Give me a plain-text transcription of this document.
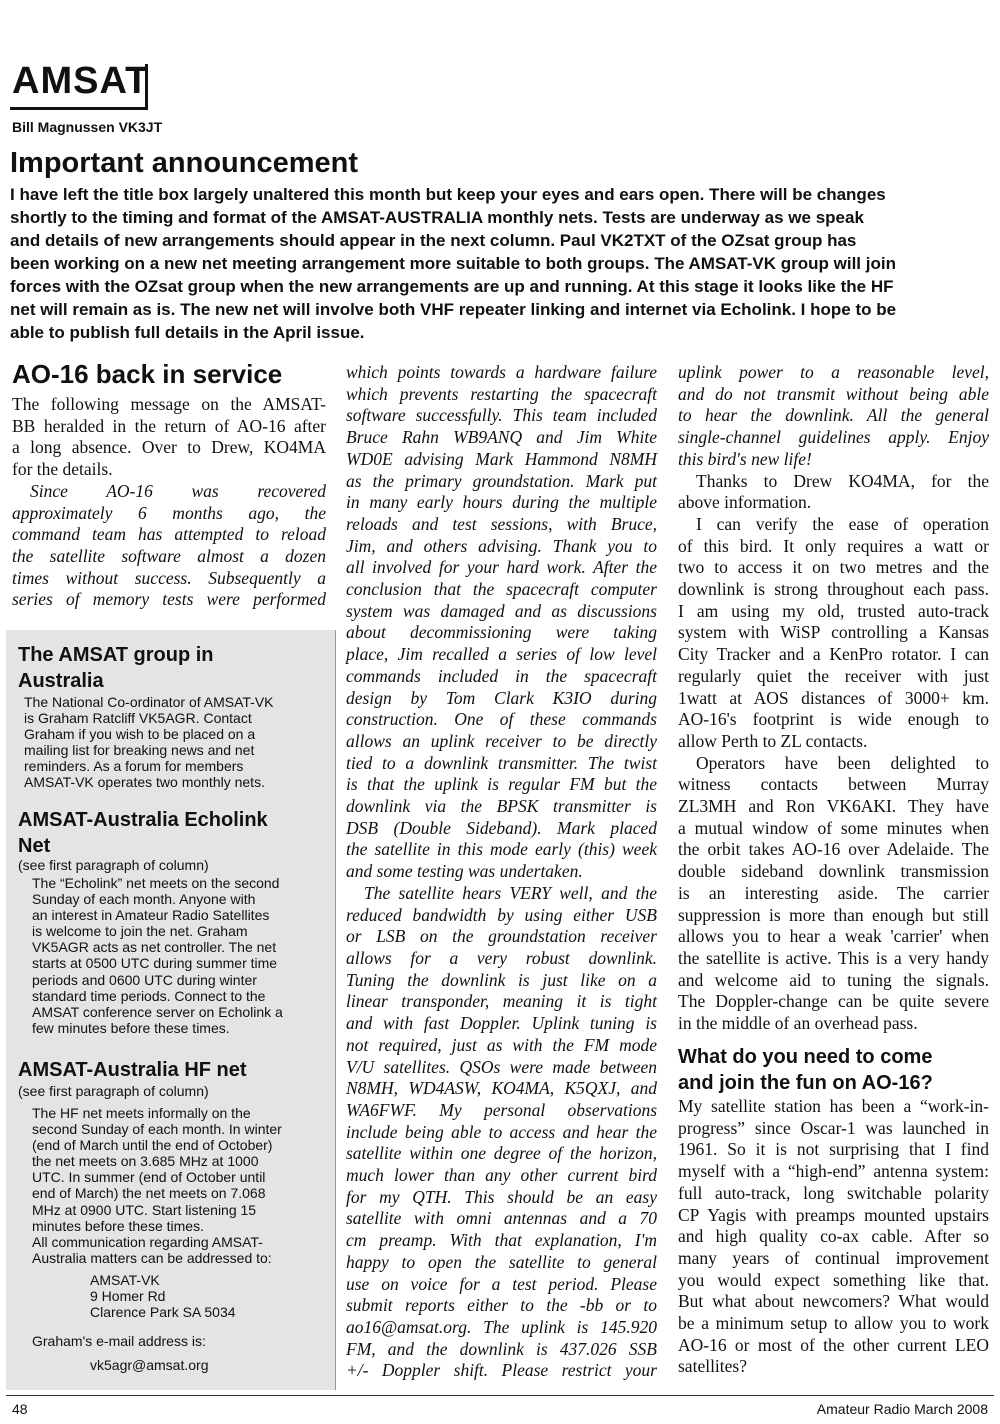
AMSAT
Bill Magnussen VK3JT
Important announcement

I have left the title box largely unaltered this month but keep your eyes and ears open. There will be changes
shortly to the timing and format of the AMSAT-AUSTRALIA monthly nets. Tests are underway as we speak
and details of new arrangements should appear in the next column. Paul VK2TXT of the OZsat group has
been working on a new net meeting arrangement more suitable to both groups. The AMSAT-VK group will join
forces with the OZsat group when the new arrangements are up and running. At this stage it looks like the HF
net will remain as is. The new net will involve both VHF repeater linking and internet via Echolink. I hope to be
able to publish full details in the April issue.

AO-16 back in service

The following message on the AMSAT-
BB heralded in the return of AO-16 after
a long absence. Over to Drew, KO4MA
for the details.

Since AO-16 was recovered

approximately 6 months ago, the
command team has attempted to reload
the satellite software almost a dozen
times without success. Subsequently a
series of memory tests were performed

The AMSAT group in
Australia

The National Co-ordinator of AMSAT-VK
is Graham Ratcliff VK5AGR. Contact
Graham if you wish to be placed on a
mailing list for breaking news and net
reminders. As a forum for members
AMSAT-VK operates two monthly nets.

AMSAT-Australia Echolink
Net

(see first paragraph of column)

The “Echolink” net meets on the second
Sunday of each month. Anyone with
an interest in Amateur Radio Satellites
is welcome to join the net. Graham
VK5AGR acts as net controller. The net
starts at 0500 UTC during summer time
periods and 0600 UTC during winter
standard time periods. Connect to the
AMSAT conference server on Echolink a
few minutes before these times.

AMSAT-Australia HF net

(see first paragraph of column)

The HF net meets informally on the
second Sunday of each month. In winter
(end of March until the end of October)
the net meets on 3.685 MHz at 1000
UTC. In summer (end of October until
end of March) the net meets on 7.068
MHz at 0900 UTC. Start listening 15
minutes before these times.
All communication regarding AMSAT-
Australia matters can be addressed to:

AMSAT-VK
9 Homer Rd
Clarence Park SA 5034

Graham's e-mail address is:

vk5agr@amsat.org

which points towards a hardware failure
which prevents restarting the spacecraft
software successfully. This team included
Bruce Rahn WB9ANQ and Jim White
WD0E advising Mark Hammond N8MH
as the primary groundstation. Mark put
in many early hours during the multiple
reloads and test sessions, with Bruce,
Jim, and others advising. Thank you to
all involved for your hard work. After the
conclusion that the spacecraft computer
system was damaged and as discussions
about decommissioning were taking
place, Jim recalled a series of low level
commands included in the spacecraft
design by Tom Clark K3IO during
construction. One of these commands
allows an uplink receiver to be directly
tied to a downlink transmitter. The twist
is that the uplink is regular FM but the
downlink via the BPSK transmitter is
DSB (Double Sideband). Mark placed
the satellite in this mode early (this) week
and some testing was undertaken.

The satellite hears VERY well, and the
reduced bandwidth by using either USB
or LSB on the groundstation receiver
allows for a very robust downlink.
Tuning the downlink is just like on a
linear transponder, meaning it is tight
and with fast Doppler. Uplink tuning is
not required, just as with the FM mode
V/U satellites. QSOs were made between
N8MH, WD4ASW, KO4MA, K5QXJ, and
WA6FWF. My personal observations
include being able to access and hear the
satellite within one degree of the horizon,
much lower than any other current bird
for my QTH. This should be an easy
satellite with omni antennas and a 70
cm preamp. With that explanation, I'm
happy to open the satellite to general
use on voice for a test period. Please
submit reports either to the -bb or to
ao16@amsat.org. The uplink is 145.920
FM, and the downlink is 437.026 SSB
+/- Doppler shift. Please restrict your

uplink power to a reasonable level,
and do not transmit without being able
to hear the downlink. All the general
single-channel guidelines apply. Enjoy
this bird's new life!

Thanks to Drew KO4MA, for the
above information.

I can verify the ease of operation
of this bird. It only requires a watt or
two to access it on two metres and the
downlink is strong throughout each pass.
I am using my old, trusted auto-track
system with WiSP controlling a Kansas
City Tracker and a KenPro rotator. I can
regularly quiet the receiver with just
1watt at AOS distances of 3000+ km.
AO-16's footprint is wide enough to
allow Perth to ZL contacts.

Operators have been delighted to
witness contacts between Murray
ZL3MH and Ron VK6AKI. They have
a mutual window of some minutes when
the orbit takes AO-16 over Adelaide. The
double sideband downlink transmission
is an interesting aside. The carrier
suppression is more than enough but still
allows you to hear a weak 'carrier' when
the satellite is active. This is a very handy
and welcome aid to tuning the signals.
The Doppler-change can be quite severe
in the middle of an overhead pass.

What do you need to come
and join the fun on AO-16?

My satellite station has been a “work-in-
progress” since Oscar-1 was launched in
1961. So it is not surprising that I find
myself with a “high-end” antenna system:
full auto-track, long switchable polarity
CP Yagis with preamps mounted upstairs
and high quality co-ax cable. After so
many years of continual improvement
you would expect something like that.
But what about newcomers? What would
be a minimum setup to allow you to work
AO-16 or most of the other current LEO
satellites?

48	Amateur Radio March 2008
